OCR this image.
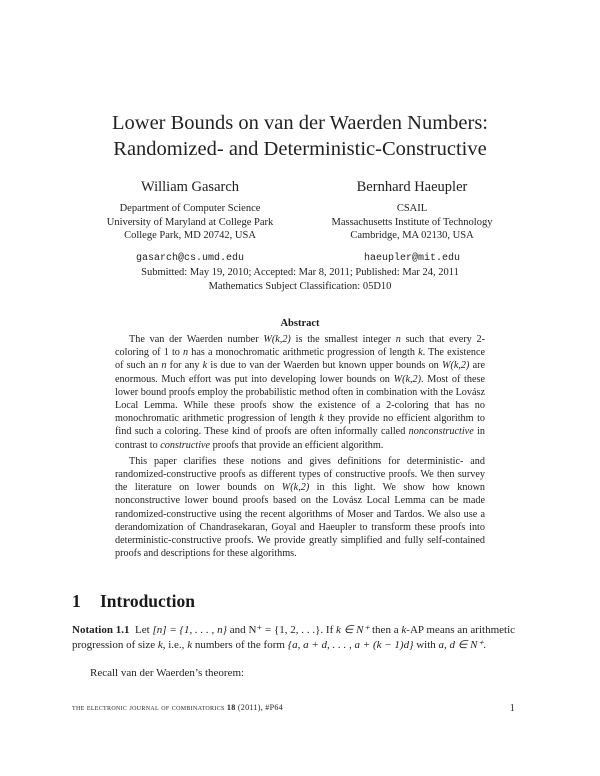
Lower Bounds on van der Waerden Numbers:
Randomized- and Deterministic-Constructive
William Gasarch
Department of Computer Science
University of Maryland at College Park
College Park, MD 20742, USA
gasarch@cs.umd.edu
Bernhard Haeupler
CSAIL
Massachusetts Institute of Technology
Cambridge, MA 02130, USA
haeupler@mit.edu
Submitted: May 19, 2010; Accepted: Mar 8, 2011; Published: Mar 24, 2011
Mathematics Subject Classification: 05D10
Abstract

The van der Waerden number W(k,2) is the smallest integer n such that every 2-coloring of 1 to n has a monochromatic arithmetic progression of length k. The existence of such an n for any k is due to van der Waerden but known upper bounds on W(k,2) are enormous. Much effort was put into developing lower bounds on W(k,2). Most of these lower bound proofs employ the probabilistic method often in combination with the Lovász Local Lemma. While these proofs show the existence of a 2-coloring that has no monochromatic arithmetic progression of length k they provide no efficient algorithm to find such a coloring. These kind of proofs are often informally called nonconstructive in contrast to constructive proofs that provide an efficient algorithm.

This paper clarifies these notions and gives definitions for deterministic- and randomized-constructive proofs as different types of constructive proofs. We then survey the literature on lower bounds on W(k,2) in this light. We show how known nonconstructive lower bound proofs based on the Lovász Local Lemma can be made randomized-constructive using the recent algorithms of Moser and Tardos. We also use a derandomization of Chandrasekaran, Goyal and Haeupler to transform these proofs into deterministic-constructive proofs. We provide greatly simplified and fully self-contained proofs and descriptions for these algorithms.

1 Introduction

Notation 1.1 Let [n] = {1, . . . , n} and N⁺ = {1, 2, . . .}. If k ∈ N⁺ then a k-AP means an arithmetic progression of size k, i.e., k numbers of the form {a, a + d, . . . , a + (k − 1)d} with a, d ∈ N⁺.

Recall van der Waerden’s theorem:

the electronic journal of combinatorics 18 (2011), #P64	1
